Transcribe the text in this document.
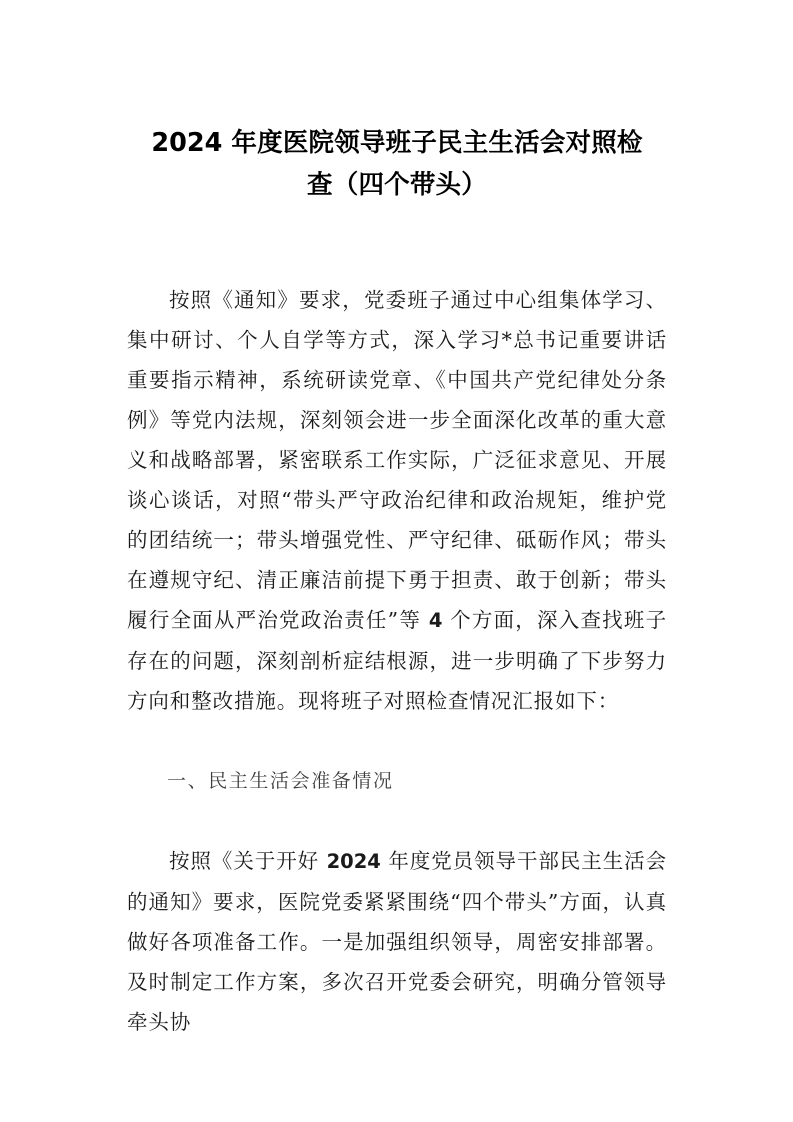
2024 年度医院领导班子民主生活会对照检
查（四个带头）

按照《通知》要求，党委班子通过中心组集体学习、集中研讨、个人自学等方式，深入学习*总书记重要讲话重要指示精神，系统研读党章、《中国共产党纪律处分条例》等党内法规，深刻领会进一步全面深化改革的重大意义和战略部署，紧密联系工作实际，广泛征求意见、开展谈心谈话，对照“带头严守政治纪律和政治规矩，维护党的团结统一；带头增强党性、严守纪律、砥砺作风；带头在遵规守纪、清正廉洁前提下勇于担责、敢于创新；带头履行全面从严治党政治责任”等 4 个方面，深入查找班子存在的问题，深刻剖析症结根源，进一步明确了下步努力方向和整改措施。现将班子对照检查情况汇报如下：

一、民主生活会准备情况

按照《关于开好 2024 年度党员领导干部民主生活会的通知》要求，医院党委紧紧围绕“四个带头”方面，认真做好各项准备工作。一是加强组织领导，周密安排部署。及时制定工作方案，多次召开党委会研究，明确分管领导牵头协
